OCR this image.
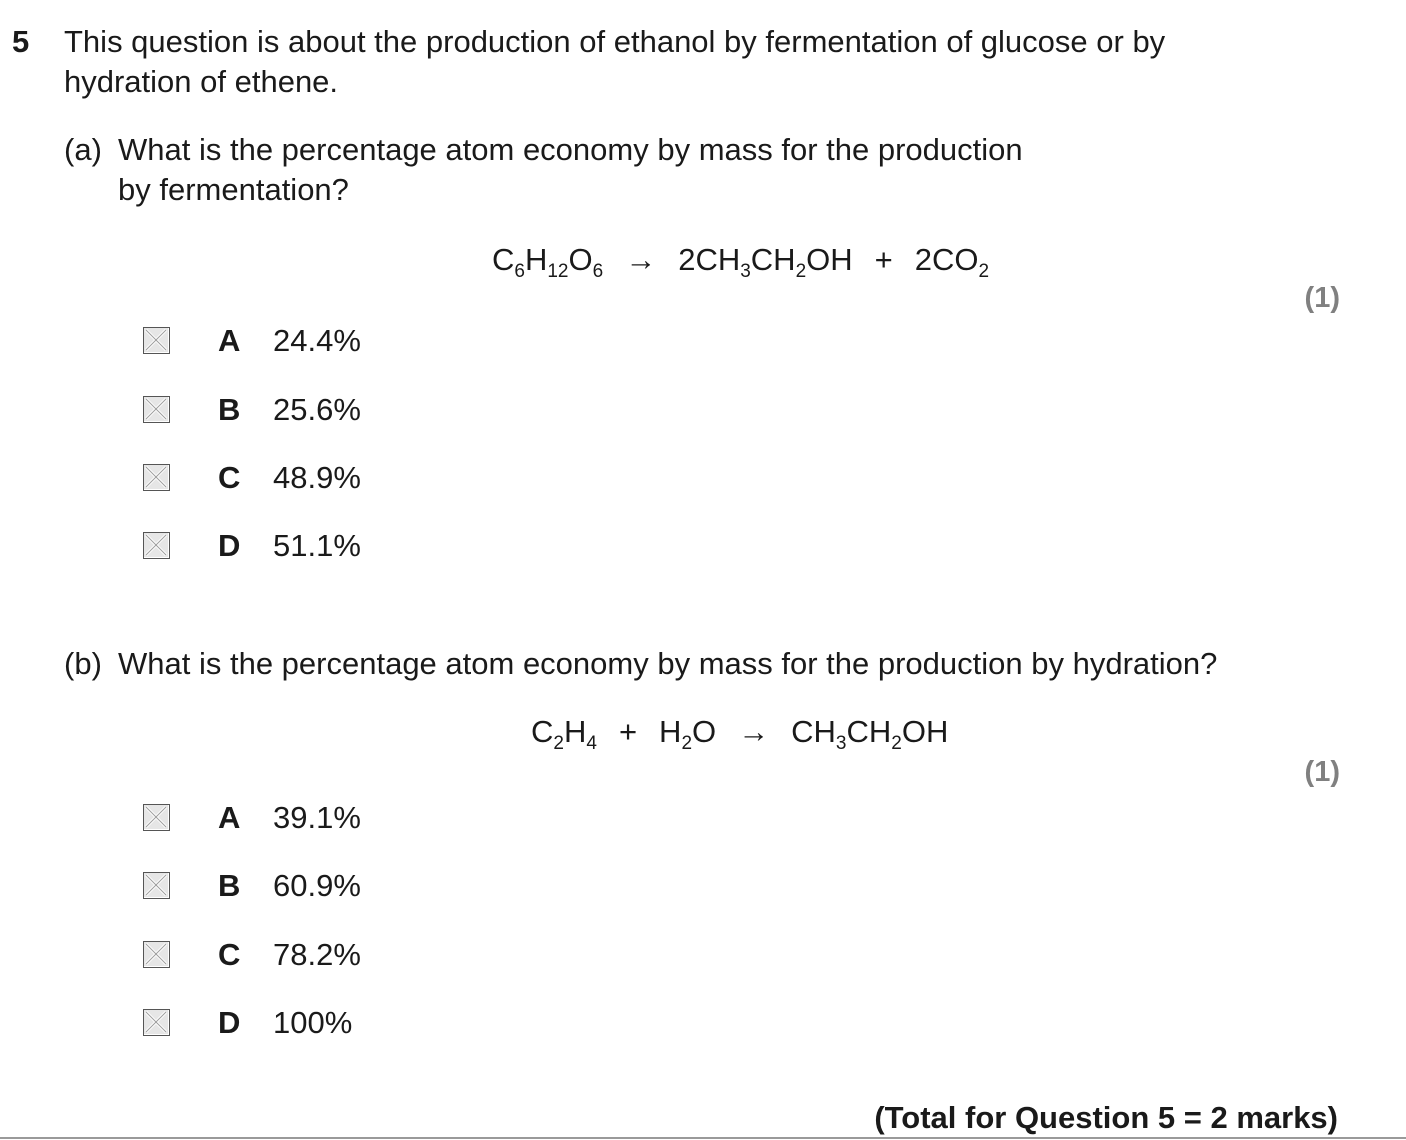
5 This question is about the production of ethanol by fermentation of glucose or by
hydration of ethene.
(a) What is the percentage atom economy by mass for the production
by fermentation?
$C_6H_{12}O_6 \to 2CH_3CH_2OH + 2CO_2$
(1)
A 24.4%
B 25.6%
C 48.9%
D 51.1%
(b) What is the percentage atom economy by mass for the production by hydration?
$C_2H_4 + H_2O \to CH_3CH_2OH$
(1)
A 39.1%
B 60.9%
C 78.2%
D 100%
(Total for Question 5 = 2 marks)
